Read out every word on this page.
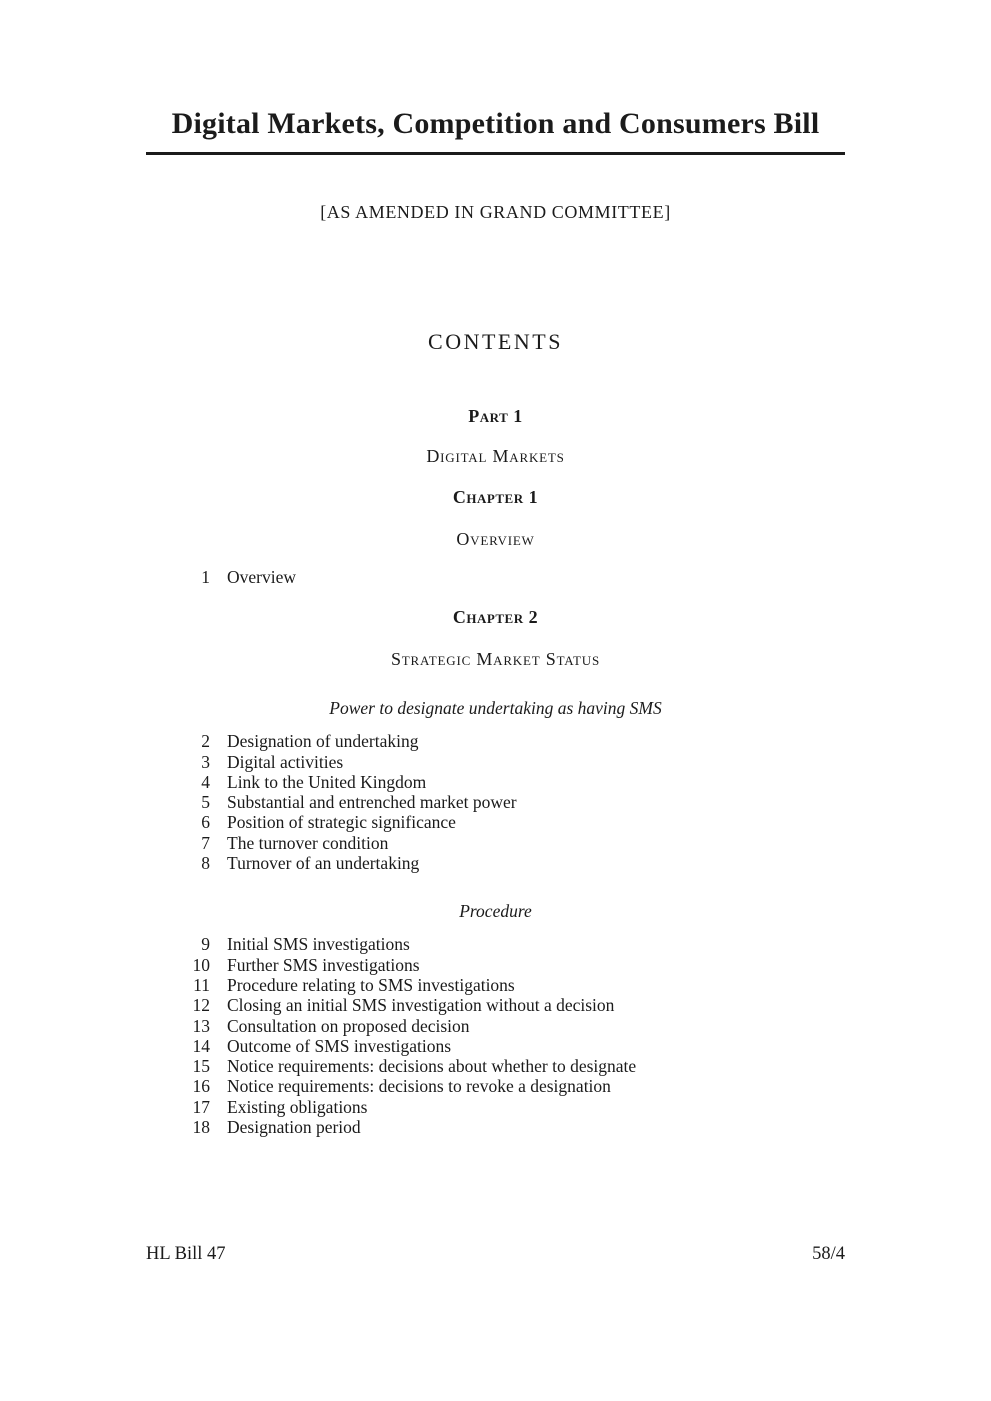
Digital Markets, Competition and Consumers Bill
[AS AMENDED IN GRAND COMMITTEE]
CONTENTS
Part 1
Digital Markets
Chapter 1
Overview
1 Overview
Chapter 2
Strategic Market Status
Power to designate undertaking as having SMS
2 Designation of undertaking
3 Digital activities
4 Link to the United Kingdom
5 Substantial and entrenched market power
6 Position of strategic significance
7 The turnover condition
8 Turnover of an undertaking
Procedure
9 Initial SMS investigations
10 Further SMS investigations
11 Procedure relating to SMS investigations
12 Closing an initial SMS investigation without a decision
13 Consultation on proposed decision
14 Outcome of SMS investigations
15 Notice requirements: decisions about whether to designate
16 Notice requirements: decisions to revoke a designation
17 Existing obligations
18 Designation period
HL Bill 47	58/4
